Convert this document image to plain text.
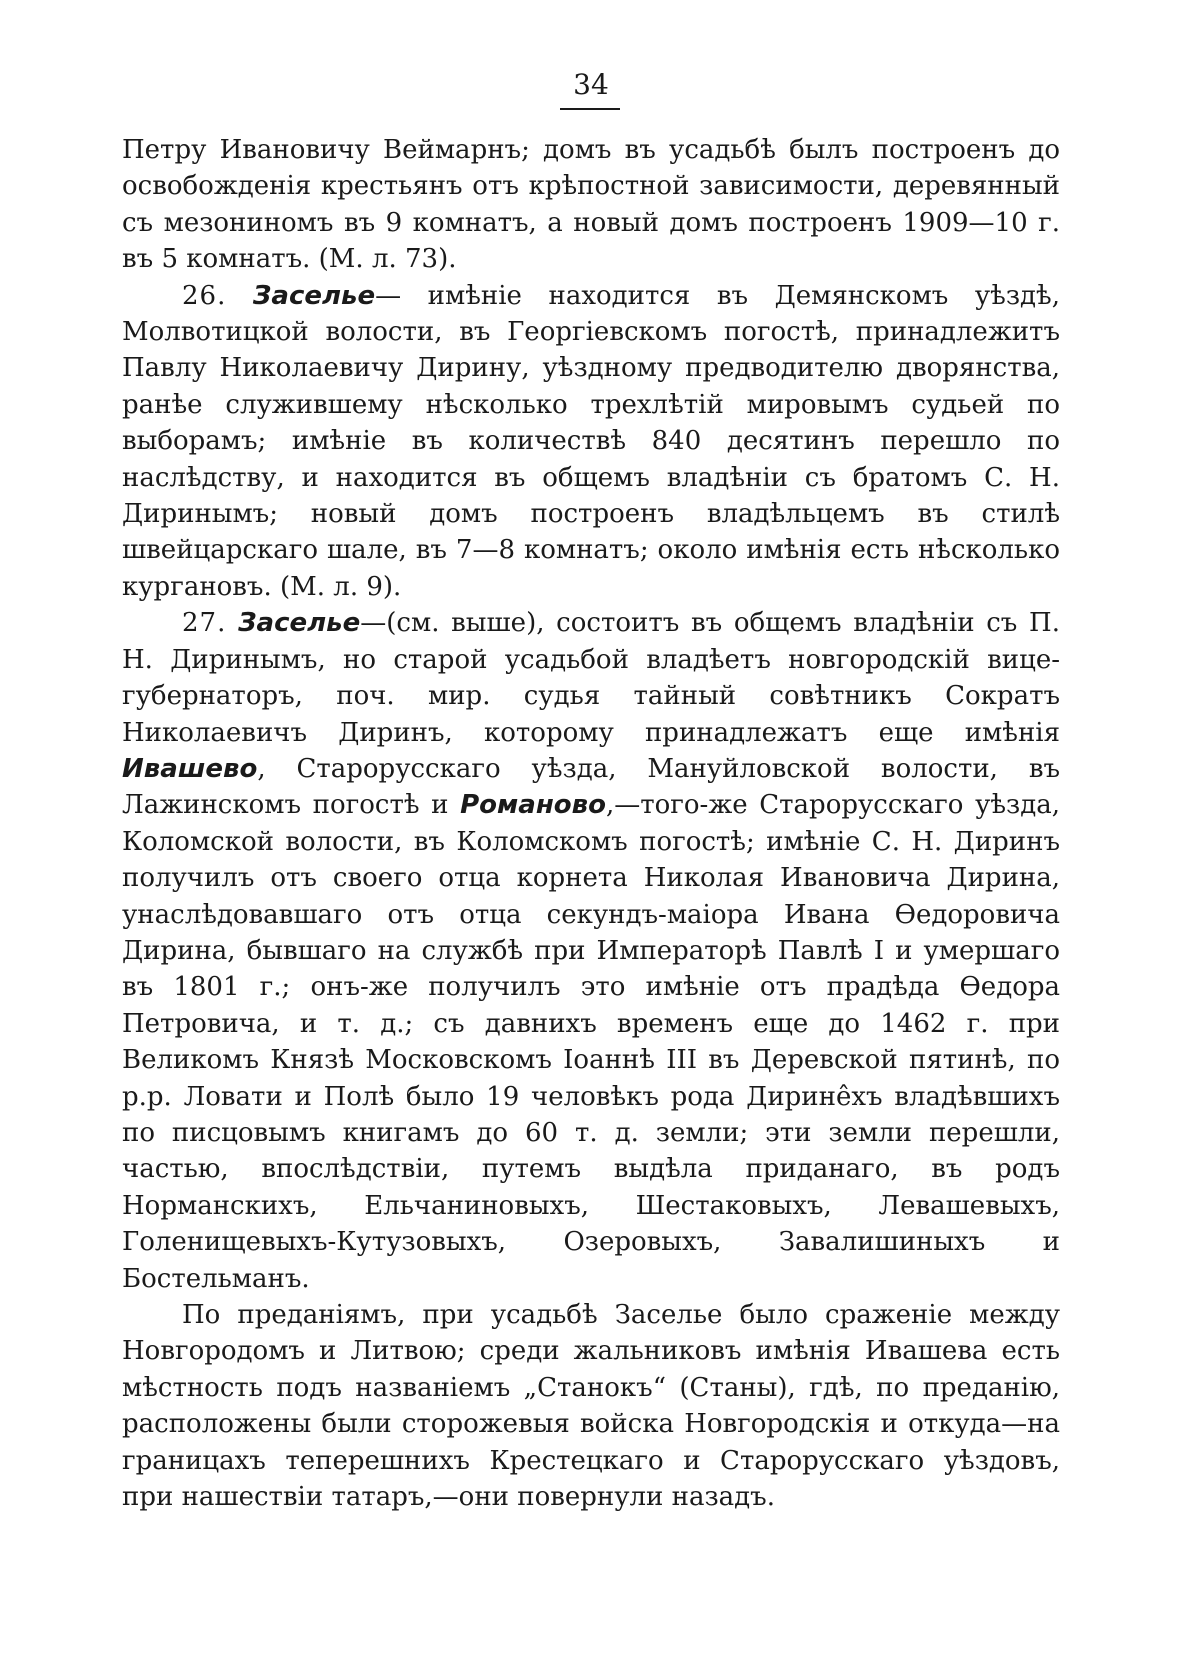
34

Петру Ивановичу Веймарнъ; домъ въ усадьбѣ былъ построенъ до освобожденія крестьянъ отъ крѣпостной зависимости, деревянный съ мезониномъ въ 9 комнатъ, а новый домъ построенъ 1909—10 г. въ 5 комнатъ. (М. л. 73).

26. Заселье— имѣніе находится въ Демянскомъ уѣздѣ, Молвотицкой волости, въ Георгіевскомъ погостѣ, принадлежитъ Павлу Николаевичу Дирину, уѣздному предводителю дворянства, ранѣе служившему нѣсколько трехлѣтій мировымъ судьей по выборамъ; имѣніе въ количествѣ 840 десятинъ перешло по наслѣдству, и находится въ общемъ владѣніи съ братомъ С. Н. Диринымъ; новый домъ построенъ владѣльцемъ въ стилѣ швейцарскаго шале, въ 7—8 комнатъ; около имѣнія есть нѣсколько кургановъ. (М. л. 9).

27. Заселье—(см. выше), состоитъ въ общемъ владѣніи съ П. Н. Диринымъ, но старой усадьбой владѣетъ новгородскій вице-губернаторъ, поч. мир. судья тайный совѣтникъ Сократъ Николаевичъ Диринъ, которому принадлежатъ еще имѣнія Ивашево, Старорусскаго уѣзда, Мануйловской волости, въ Лажинскомъ погостѣ и Романово,—того-же Старорусскаго уѣзда, Коломской волости, въ Коломскомъ погостѣ; имѣніе С. Н. Диринъ получилъ отъ своего отца корнета Николая Ивановича Дирина, унаслѣдовавшаго отъ отца секундъ-маіора Ивана Өедоровича Дирина, бывшаго на службѣ при Императорѣ Павлѣ I и умершаго въ 1801 г.; онъ-же получилъ это имѣніе отъ прадѣда Өедора Петровича, и т. д.; съ давнихъ временъ еще до 1462 г. при Великомъ Князѣ Московскомъ Іоаннѣ III въ Деревской пятинѣ, по р.р. Ловати и Полѣ было 19 человѣкъ рода Диринêхъ владѣвшихъ по писцовымъ книгамъ до 60 т. д. земли; эти земли перешли, частью, впослѣдствіи, путемъ выдѣла приданаго, въ родъ Норманскихъ, Ельчаниновыхъ, Шестаковыхъ, Левашевыхъ, Голенищевыхъ-Кутузовыхъ, Озеровыхъ, Завалишиныхъ и Бостельманъ.

По преданіямъ, при усадьбѣ Заселье было сраженіе между Новгородомъ и Литвою; среди жальниковъ имѣнія Ивашева есть мѣстность подъ названіемъ „Станокъ“ (Станы), гдѣ, по преданію, расположены были сторожевыя войска Новгородскія и откуда—на границахъ теперешнихъ Крестецкаго и Старорусскаго уѣздовъ, при нашествіи татаръ,—они повернули назадъ.
